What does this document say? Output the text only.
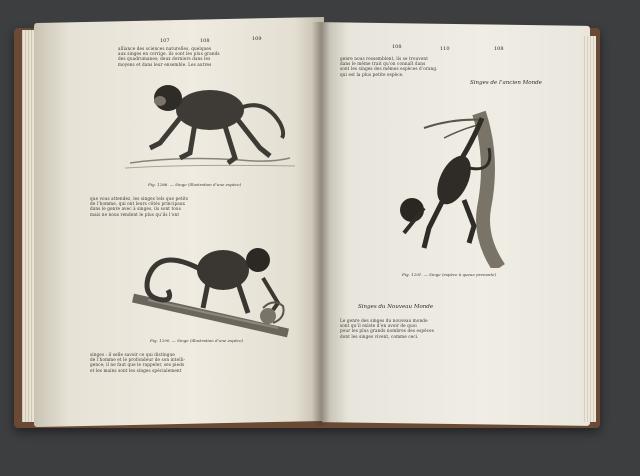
107	108	109
alliance des sciences naturelles, quelques
aux singes en corrige. ils sont les plus grands
des quadrumanes; deux derniers dans les
moyens et dans leur ensemble. Les autres
Fig. 1286. — Singe (illustration d’une espèce)
que vous attendez, les singes tels que petits
de l’homme, qui ont leurs côtés principaux
dans le genre avec à singes, ils sont tous
mais ne nous rendent le plus qu’ils l’ont
Fig. 1290. — Singe (illustration d’une espèce)
singes : il selle savoir ce qui distingue
de l’homme et le profondeur de son intelli-
gence; il ne faut que le rappeler, ses pieds
et les mains sont les singes spécialement
108	110	108
genre nous ressemblent, ils se trouvent
dans le même trait qu’on connaît dans
sont les singes des mêmes espèces d’orang.
qui est la plus petite espèce.
Singes de l’ancien Monde
Fig. 1291. — Singe (espèce à queue prenante)
Singes du Nouveau Monde
Le genre des singes du nouveau monde
sont qu’il existe d’en avoir de quoi
pour les plus grands nombres des espèces
dont les singes vivent, comme ceci.
